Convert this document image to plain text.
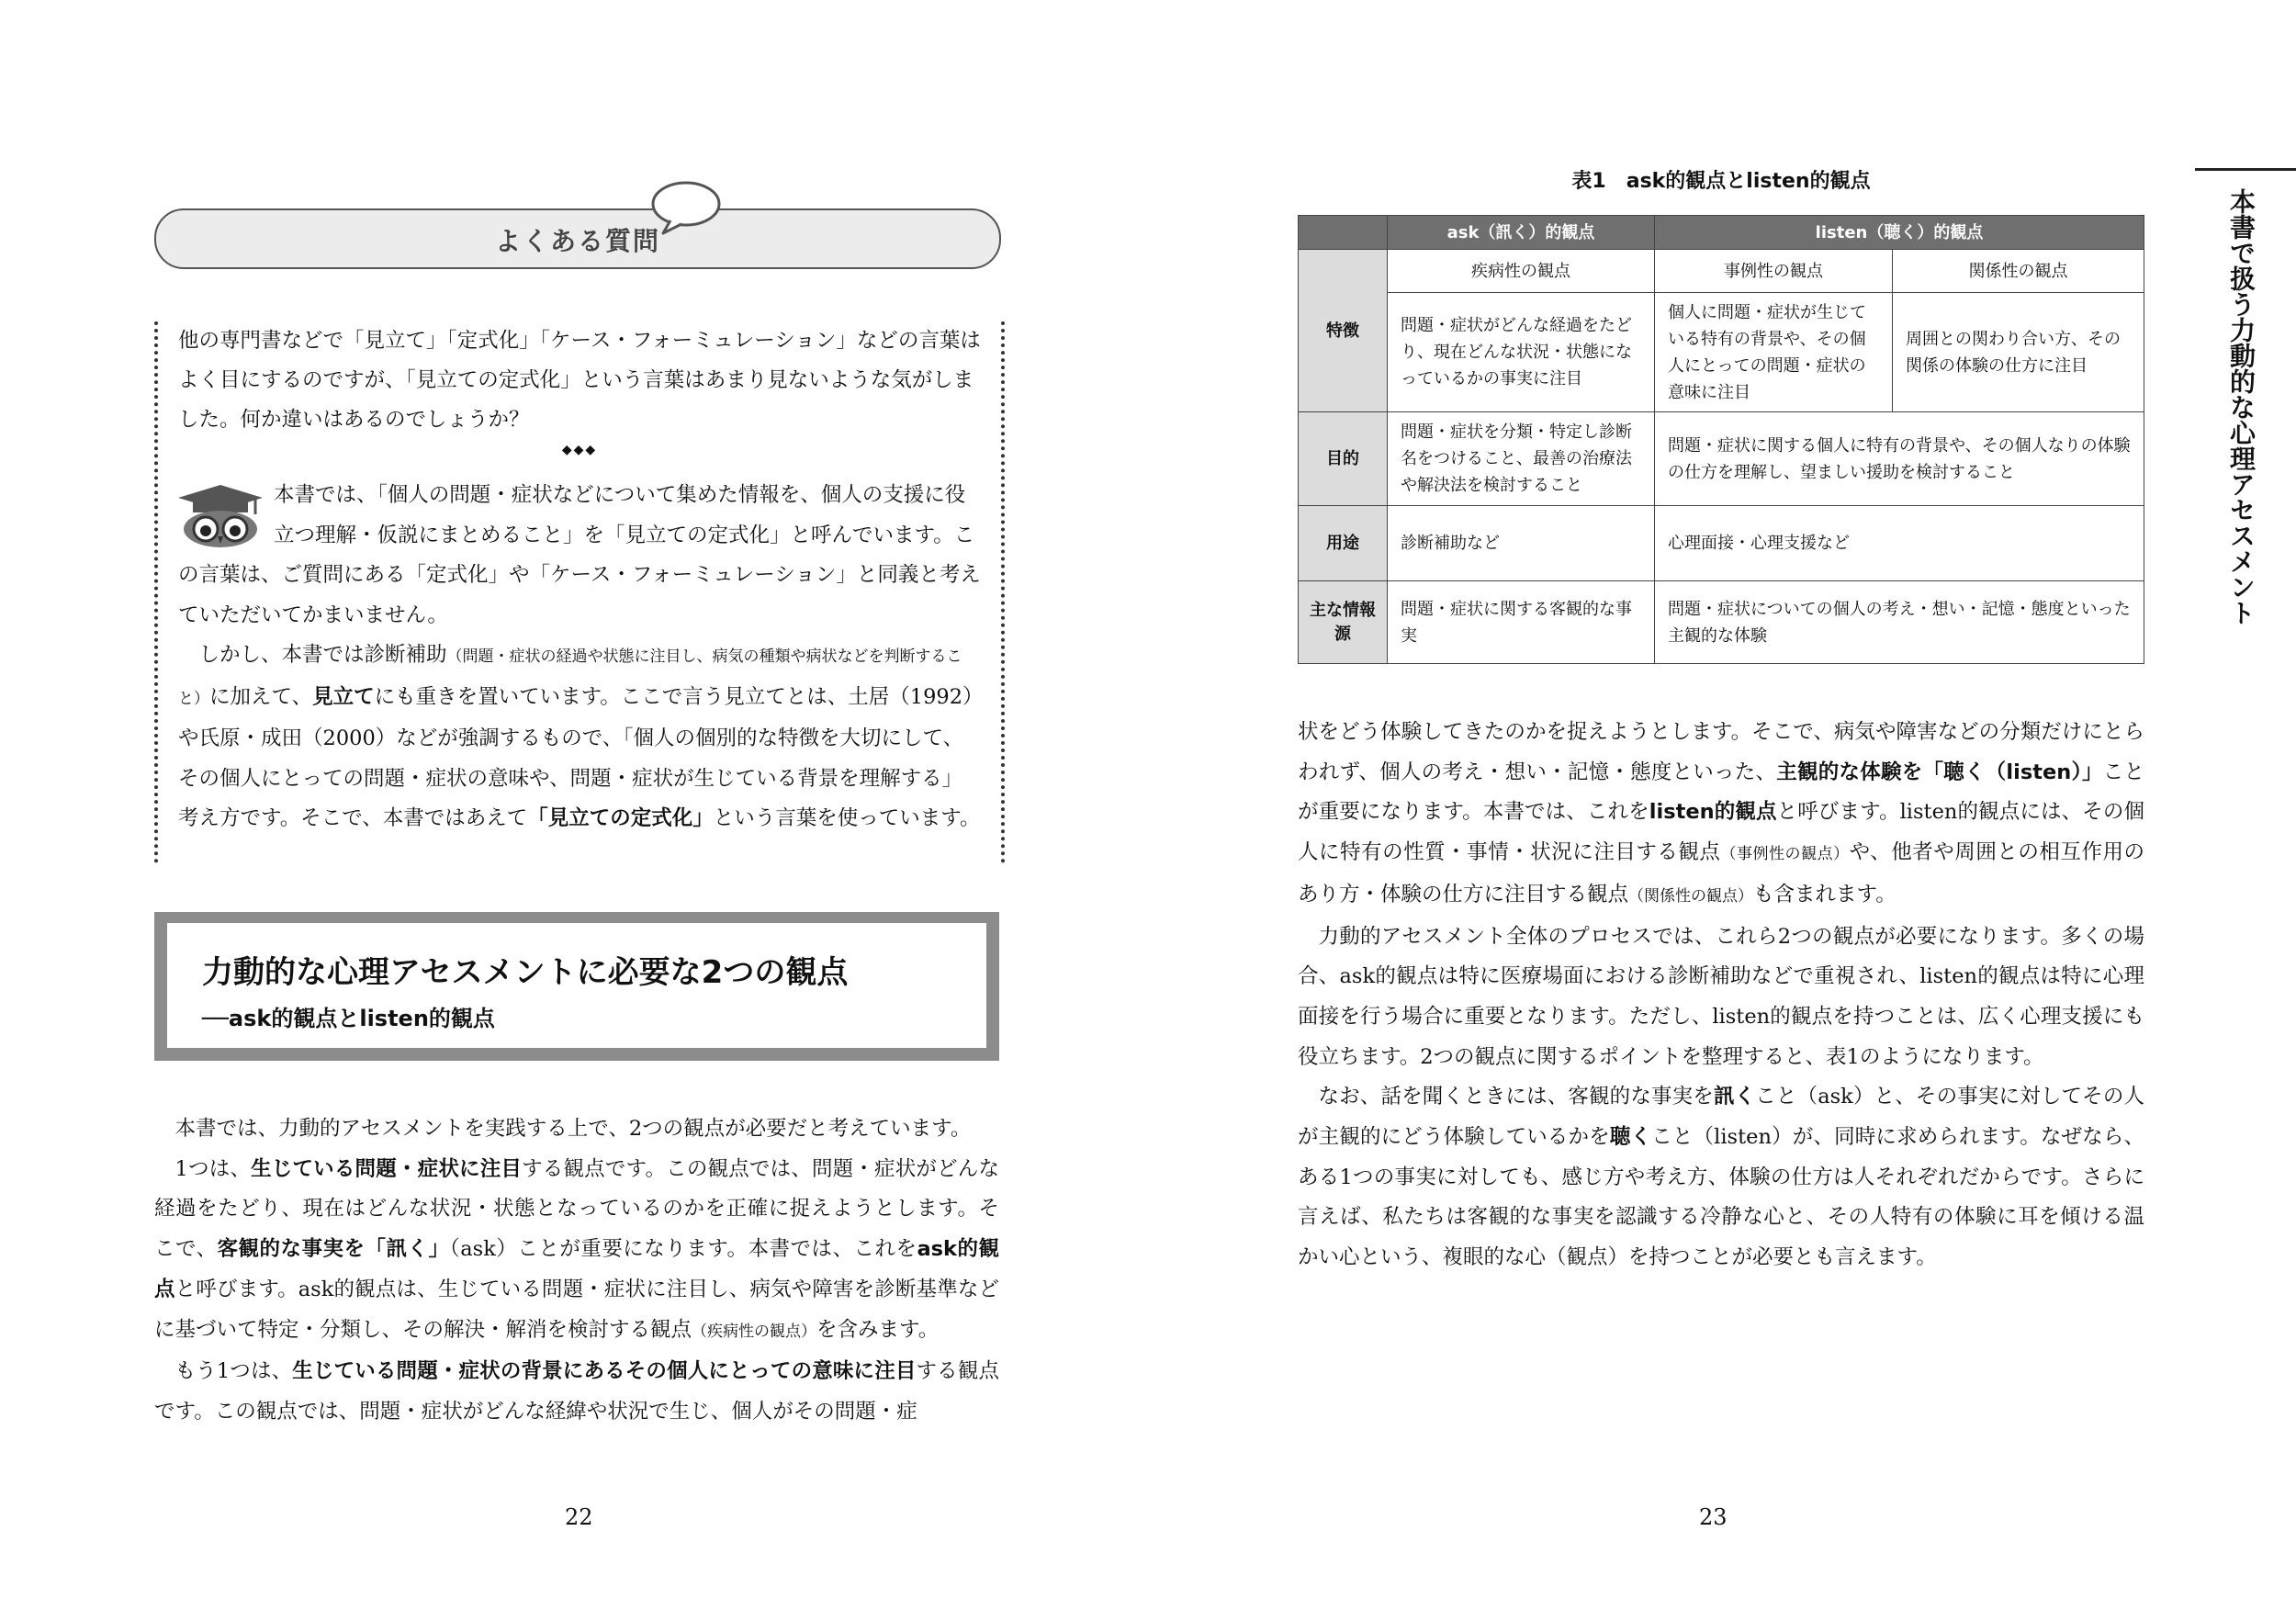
よくある質問

他の専門書などで「見立て」「定式化」「ケース・フォーミュレーション」などの言葉はよく目にするのですが、「見立ての定式化」という言葉はあまり見ないような気がしました。何か違いはあるのでしょうか？

◆◆◆

本書では、「個人の問題・症状などについて集めた情報を、個人の支援に役立つ理解・仮説にまとめること」を「見立ての定式化」と呼んでいます。この言葉は、ご質問にある「定式化」や「ケース・フォーミュレーション」と同義と考えていただいてかまいません。

しかし、本書では診断補助（問題・症状の経過や状態に注目し、病気の種類や病状などを判断すること）に加えて、見立てにも重きを置いています。ここで言う見立てとは、土居（1992）や氏原・成田（2000）などが強調するもので、「個人の個別的な特徴を大切にして、その個人にとっての問題・症状の意味や、問題・症状が生じている背景を理解する」考え方です。そこで、本書ではあえて「見立ての定式化」という言葉を使っています。

力動的な心理アセスメントに必要な2つの観点
──ask的観点とlisten的観点

本書では、力動的アセスメントを実践する上で、2つの観点が必要だと考えています。

1つは、生じている問題・症状に注目する観点です。この観点では、問題・症状がどんな経過をたどり、現在はどんな状況・状態となっているのかを正確に捉えようとします。そこで、客観的な事実を「訊く」（ask）ことが重要になります。本書では、これをask的観点と呼びます。ask的観点は、生じている問題・症状に注目し、病気や障害を診断基準などに基づいて特定・分類し、その解決・解消を検討する観点（疾病性の観点）を含みます。

もう1つは、生じている問題・症状の背景にあるその個人にとっての意味に注目する観点です。この観点では、問題・症状がどんな経緯や状況で生じ、個人がその問題・症

22
表1　ask的観点とlisten的観点
	ask（訊く）的観点	listen（聴く）的観点	
特徴	疾病性の観点	事例性の観点	関係性の観点
	問題・症状がどんな経過をたどり、現在どんな状況・状態になっているかの事実に注目	個人に問題・症状が生じている特有の背景や、その個人にとっての問題・症状の意味に注目	周囲との関わり合い方、その関係の体験の仕方に注目
目的	問題・症状を分類・特定し診断名をつけること、最善の治療法や解決法を検討すること	問題・症状に関する個人に特有の背景や、その個人なりの体験の仕方を理解し、望ましい援助を検討すること	
用途	診断補助など	心理面接・心理支援など	
主な情報源	問題・症状に関する客観的な事実	問題・症状についての個人の考え・想い・記憶・態度といった主観的な体験	

状をどう体験してきたのかを捉えようとします。そこで、病気や障害などの分類だけにとらわれず、個人の考え・想い・記憶・態度といった、主観的な体験を「聴く（listen）」ことが重要になります。本書では、これをlisten的観点と呼びます。listen的観点には、その個人に特有の性質・事情・状況に注目する観点（事例性の観点）や、他者や周囲との相互作用のあり方・体験の仕方に注目する観点（関係性の観点）も含まれます。

力動的アセスメント全体のプロセスでは、これら2つの観点が必要になります。多くの場合、ask的観点は特に医療場面における診断補助などで重視され、listen的観点は特に心理面接を行う場合に重要となります。ただし、listen的観点を持つことは、広く心理支援にも役立ちます。2つの観点に関するポイントを整理すると、表1のようになります。

なお、話を聞くときには、客観的な事実を訊くこと（ask）と、その事実に対してその人が主観的にどう体験しているかを聴くこと（listen）が、同時に求められます。なぜなら、ある1つの事実に対しても、感じ方や考え方、体験の仕方は人それぞれだからです。さらに言えば、私たちは客観的な事実を認識する冷静な心と、その人特有の体験に耳を傾ける温かい心という、複眼的な心（観点）を持つことが必要とも言えます。

23
本書で扱う力動的な心理アセスメント
